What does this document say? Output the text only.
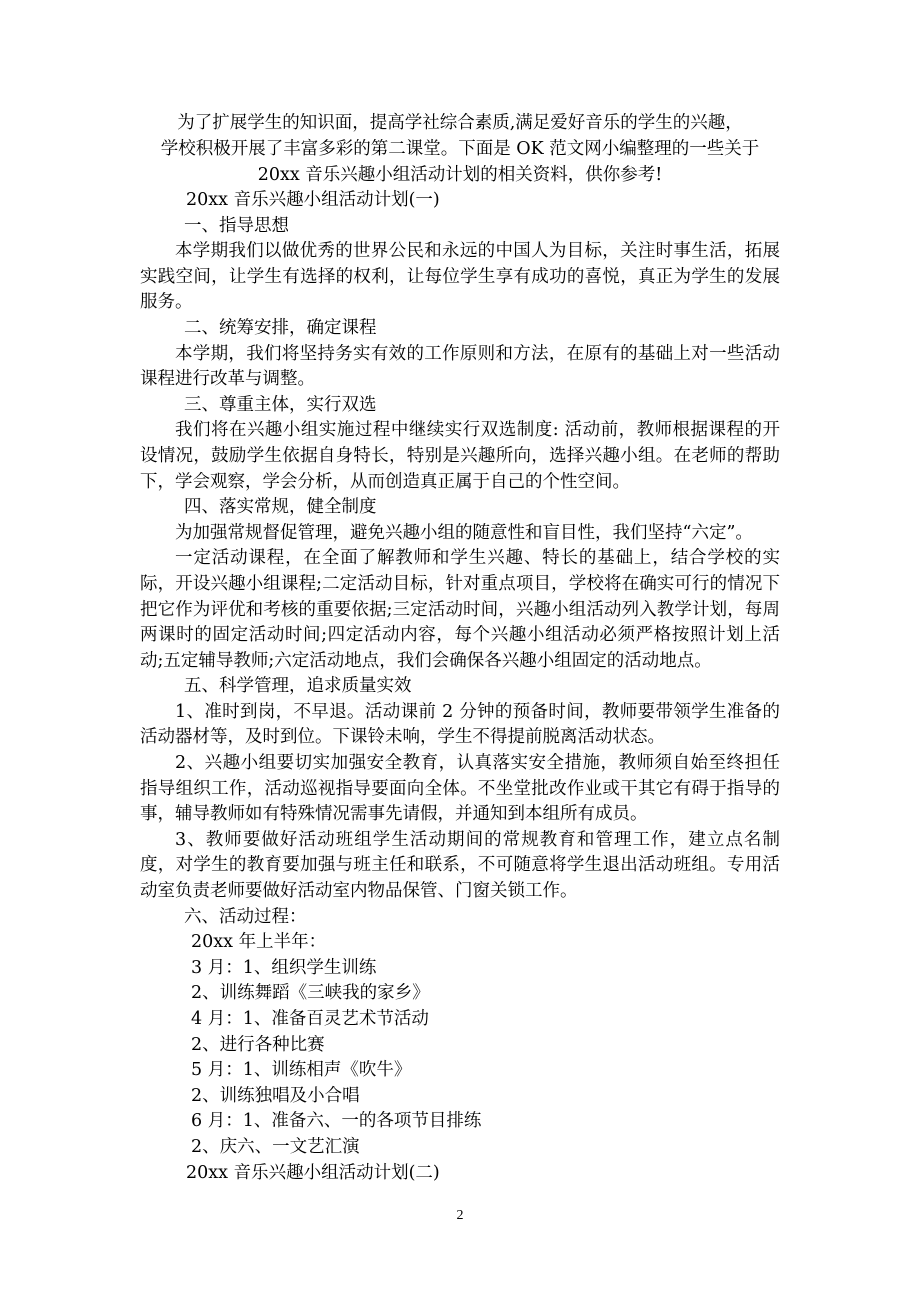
为了扩展学生的知识面，提高学社综合素质,满足爱好音乐的学生的兴趣，
学校积极开展了丰富多彩的第二课堂。下面是 OK 范文网小编整理的一些关于
20xx 音乐兴趣小组活动计划的相关资料，供你参考!
20xx 音乐兴趣小组活动计划(一)
一、指导思想
本学期我们以做优秀的世界公民和永远的中国人为目标，关注时事生活，拓展实践空间，让学生有选择的权利，让每位学生享有成功的喜悦，真正为学生的发展服务。
二、统筹安排，确定课程
本学期，我们将坚持务实有效的工作原则和方法，在原有的基础上对一些活动课程进行改革与调整。
三、尊重主体，实行双选
我们将在兴趣小组实施过程中继续实行双选制度: 活动前，教师根据课程的开设情况，鼓励学生依据自身特长，特别是兴趣所向，选择兴趣小组。在老师的帮助下，学会观察，学会分析，从而创造真正属于自己的个性空间。
四、落实常规，健全制度
为加强常规督促管理，避免兴趣小组的随意性和盲目性，我们坚持“六定”。
一定活动课程，在全面了解教师和学生兴趣、特长的基础上，结合学校的实际，开设兴趣小组课程;二定活动目标，针对重点项目，学校将在确实可行的情况下把它作为评优和考核的重要依据;三定活动时间，兴趣小组活动列入教学计划，每周两课时的固定活动时间;四定活动内容，每个兴趣小组活动必须严格按照计划上活动;五定辅导教师;六定活动地点，我们会确保各兴趣小组固定的活动地点。
五、科学管理，追求质量实效
1、准时到岗，不早退。活动课前 2 分钟的预备时间，教师要带领学生准备的活动器材等，及时到位。下课铃未响，学生不得提前脱离活动状态。
2、兴趣小组要切实加强安全教育，认真落实安全措施，教师须自始至终担任指导组织工作，活动巡视指导要面向全体。不坐堂批改作业或干其它有碍于指导的事，辅导教师如有特殊情况需事先请假，并通知到本组所有成员。
3、教师要做好活动班组学生活动期间的常规教育和管理工作，建立点名制度，对学生的教育要加强与班主任和联系，不可随意将学生退出活动班组。专用活动室负责老师要做好活动室内物品保管、门窗关锁工作。
六、活动过程：
20xx 年上半年：
3 月：1、组织学生训练
2、训练舞蹈《三峡我的家乡》
4 月：1、准备百灵艺术节活动
2、进行各种比赛
5 月：1、训练相声《吹牛》
2、训练独唱及小合唱
6 月：1、准备六、一的各项节目排练
2、庆六、一文艺汇演
20xx 音乐兴趣小组活动计划(二)
2
